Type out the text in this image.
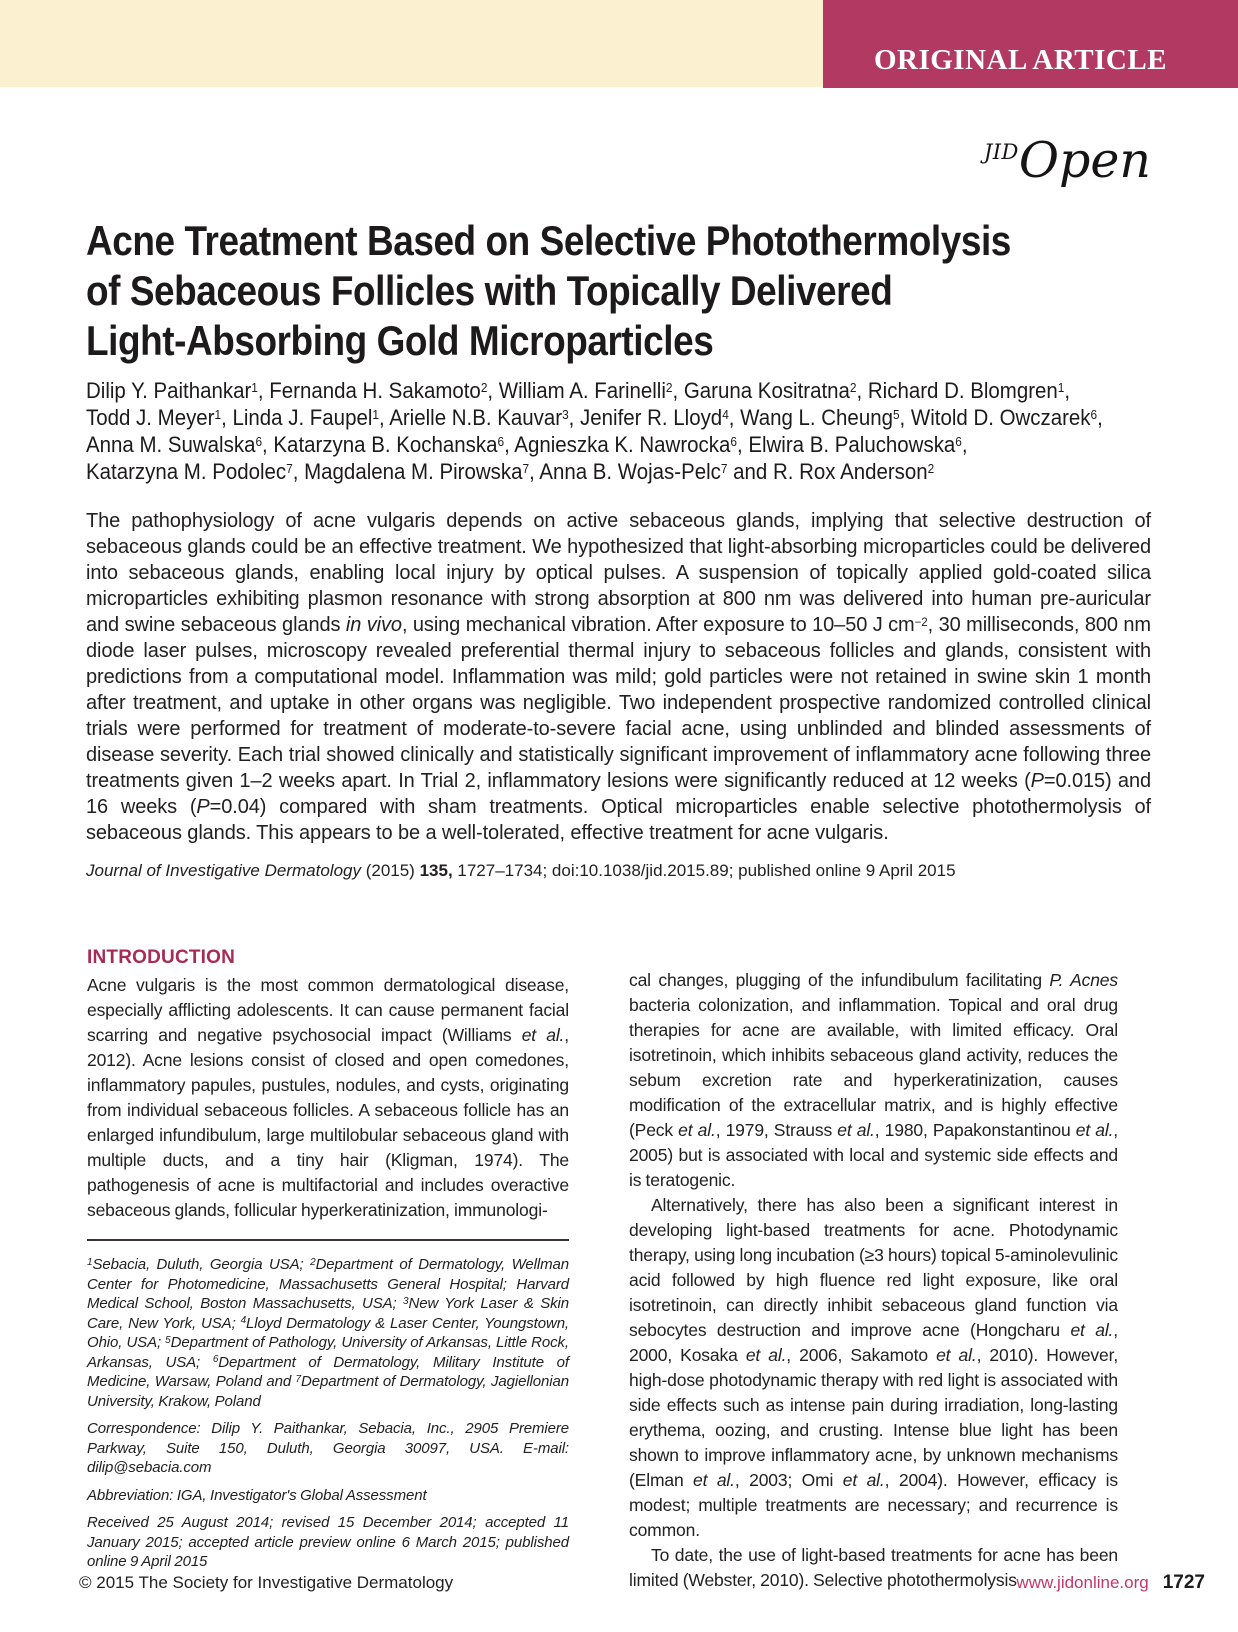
ORIGINAL ARTICLE
JIDOpen
Acne Treatment Based on Selective Photothermolysis
of Sebaceous Follicles with Topically Delivered
Light-Absorbing Gold Microparticles
Dilip Y. Paithankar$^1$, Fernanda H. Sakamoto$^2$, William A. Farinelli$^2$, Garuna Kositratna$^2$, Richard D. Blomgren$^1$,
Todd J. Meyer$^1$, Linda J. Faupel$^1$, Arielle N.B. Kauvar$^3$, Jenifer R. Lloyd$^4$, Wang L. Cheung$^5$, Witold D. Owczarek$^6$,
Anna M. Suwalska$^6$, Katarzyna B. Kochanska$^6$, Agnieszka K. Nawrocka$^6$, Elwira B. Paluchowska$^6$,
Katarzyna M. Podolec$^7$, Magdalena M. Pirowska$^7$, Anna B. Wojas-Pelc$^7$ and R. Rox Anderson$^2$
The pathophysiology of acne vulgaris depends on active sebaceous glands, implying that selective destruction of sebaceous glands could be an effective treatment. We hypothesized that light-absorbing microparticles could be delivered into sebaceous glands, enabling local injury by optical pulses. A suspension of topically applied gold-coated silica microparticles exhibiting plasmon resonance with strong absorption at 800 nm was delivered into human pre-auricular and swine sebaceous glands in vivo, using mechanical vibration. After exposure to 10–50 J $cm^{-2}$, 30 milliseconds, 800 nm diode laser pulses, microscopy revealed preferential thermal injury to sebaceous follicles and glands, consistent with predictions from a computational model. Inflammation was mild; gold particles were not retained in swine skin 1 month after treatment, and uptake in other organs was negligible. Two independent prospective randomized controlled clinical trials were performed for treatment of moderate-to-severe facial acne, using unblinded and blinded assessments of disease severity. Each trial showed clinically and statistically significant improvement of inflammatory acne following three treatments given 1–2 weeks apart. In Trial 2, inflammatory lesions were significantly reduced at 12 weeks (P=0.015) and 16 weeks (P=0.04) compared with sham treatments. Optical microparticles enable selective photothermolysis of sebaceous glands. This appears to be a well-tolerated, effective treatment for acne vulgaris.
Journal of Investigative Dermatology (2015) 135, 1727–1734; doi:10.1038/jid.2015.89; published online 9 April 2015
INTRODUCTION

Acne vulgaris is the most common dermatological disease, especially afflicting adolescents. It can cause permanent facial scarring and negative psychosocial impact (Williams et al., 2012). Acne lesions consist of closed and open comedones, inflammatory papules, pustules, nodules, and cysts, originating from individual sebaceous follicles. A sebaceous follicle has an enlarged infundibulum, large multilobular sebaceous gland with multiple ducts, and a tiny hair (Kligman, 1974). The pathogenesis of acne is multifactorial and includes overactive sebaceous glands, follicular hyperkeratinization, immunologi-

$^1$Sebacia, Duluth, Georgia USA; $^2$Department of Dermatology, Wellman Center for Photomedicine, Massachusetts General Hospital; Harvard Medical School, Boston Massachusetts, USA; $^3$New York Laser & Skin Care, New York, USA; $^4$Lloyd Dermatology & Laser Center, Youngstown, Ohio, USA; $^5$Department of Pathology, University of Arkansas, Little Rock, Arkansas, USA; $^6$Department of Dermatology, Military Institute of Medicine, Warsaw, Poland and $^7$Department of Dermatology, Jagiellonian University, Krakow, Poland

Correspondence: Dilip Y. Paithankar, Sebacia, Inc., 2905 Premiere Parkway, Suite 150, Duluth, Georgia 30097, USA. E-mail: dilip@sebacia.com

Abbreviation: IGA, Investigator's Global Assessment

Received 25 August 2014; revised 15 December 2014; accepted 11 January 2015; accepted article preview online 6 March 2015; published online 9 April 2015

cal changes, plugging of the infundibulum facilitating P. Acnes bacteria colonization, and inflammation. Topical and oral drug therapies for acne are available, with limited efficacy. Oral isotretinoin, which inhibits sebaceous gland activity, reduces the sebum excretion rate and hyperkeratinization, causes modification of the extracellular matrix, and is highly effective (Peck et al., 1979, Strauss et al., 1980, Papakonstantinou et al., 2005) but is associated with local and systemic side effects and is teratogenic.

Alternatively, there has also been a significant interest in developing light-based treatments for acne. Photodynamic therapy, using long incubation (≥3 hours) topical 5-aminolevulinic acid followed by high fluence red light exposure, like oral isotretinoin, can directly inhibit sebaceous gland function via sebocytes destruction and improve acne (Hongcharu et al., 2000, Kosaka et al., 2006, Sakamoto et al., 2010). However, high-dose photodynamic therapy with red light is associated with side effects such as intense pain during irradiation, long-lasting erythema, oozing, and crusting. Intense blue light has been shown to improve inflammatory acne, by unknown mechanisms (Elman et al., 2003; Omi et al., 2004). However, efficacy is modest; multiple treatments are necessary; and recurrence is common.

To date, the use of light-based treatments for acne has been limited (Webster, 2010). Selective photothermolysis

© 2015 The Society for Investigative Dermatology	www.jidonline.org 1727
